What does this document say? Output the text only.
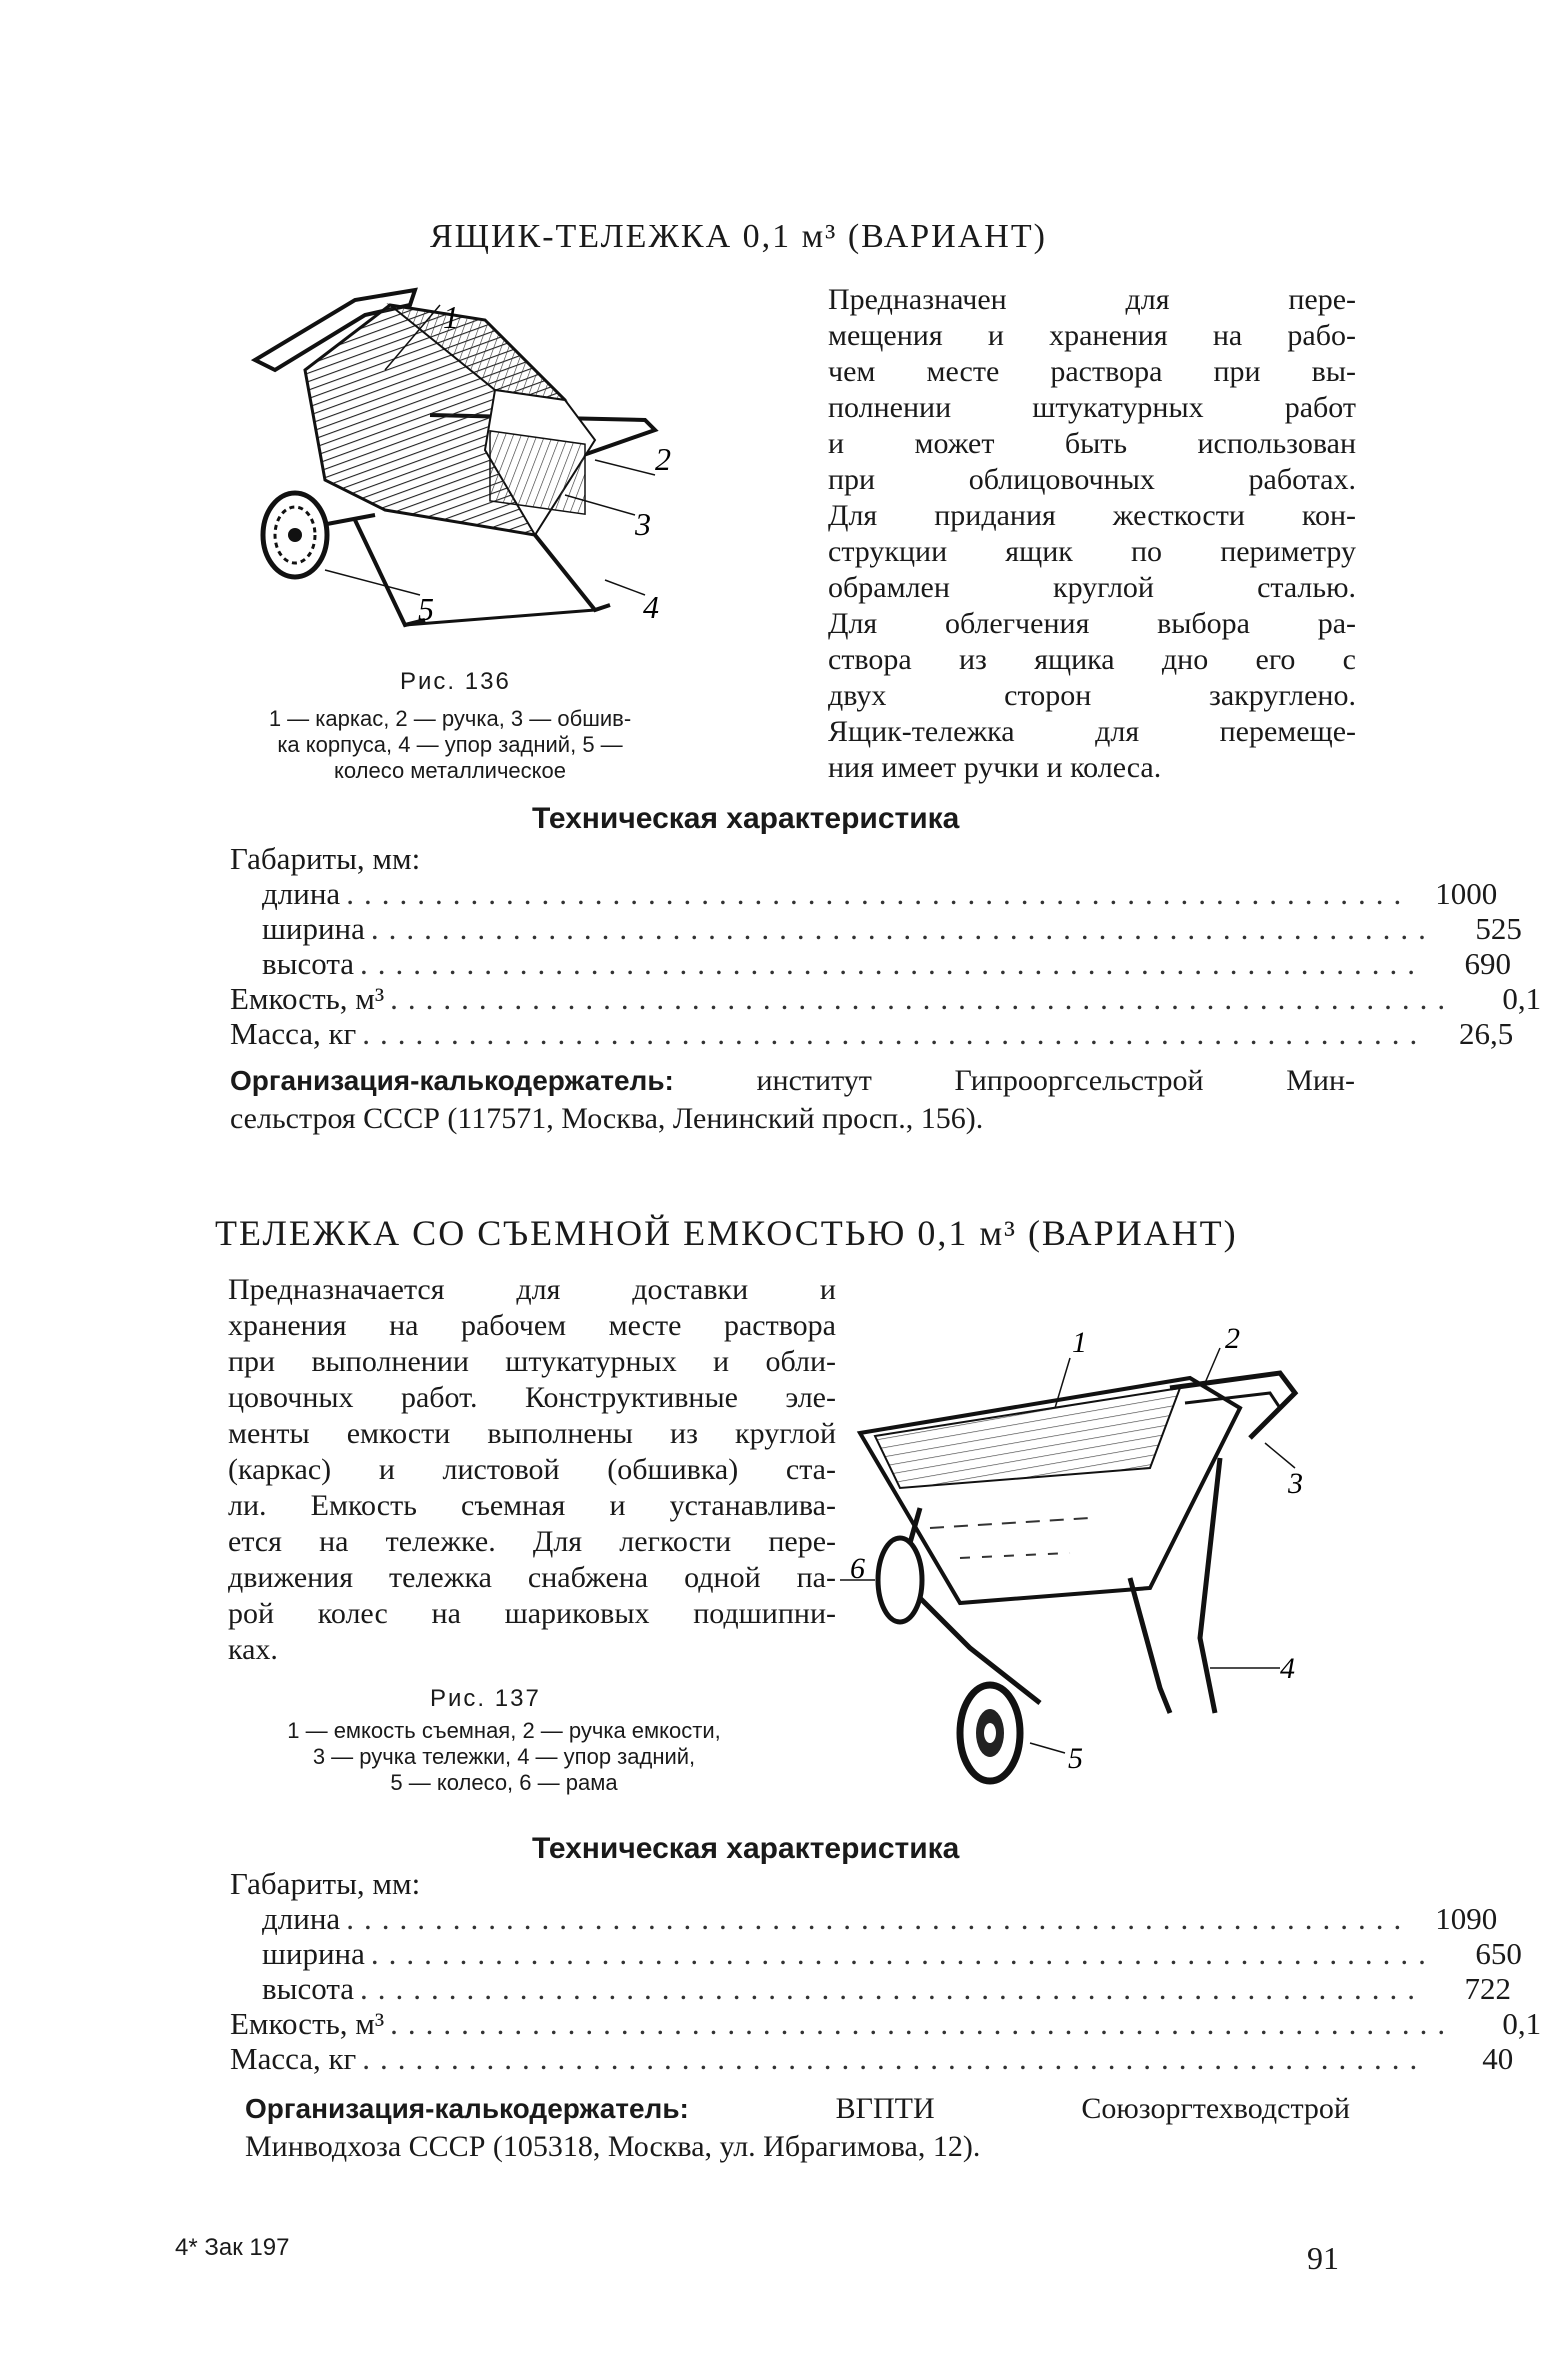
ЯЩИК-ТЕЛЕЖКА 0,1 м³ (ВАРИАНТ)
1
2
3
4
5
Рис. 136
1 — каркас, 2 — ручка, 3 — обшив-
ка корпуса, 4 — упор задний, 5 —
колесо металлическое
Предназначен для пере-
мещения и хранения на рабо-
чем месте раствора при вы-
полнении штукатурных работ
и может быть использован
при облицовочных работах.
Для придания жесткости кон-
струкции ящик по периметру
обрамлен круглой сталью.
Для облегчения выбора ра-
створа из ящика дно его с
двух сторон закруглено.
Ящик-тележка для перемеще-
ния имеет ручки и колеса.
Техническая характеристика
Габариты, мм:
длина ............................................................ 1000
ширина ............................................................	525
высота ............................................................	690
Емкость, м³ ............................................................	0,1
Масса, кг ............................................................	26,5
Организация-калькодержатель:	институт Гипрооргсельстрой Мин-
сельстроя СССР (117571, Москва, Ленинский просп., 156).
ТЕЛЕЖКА СО СЪЕМНОЙ ЕМКОСТЬЮ 0,1 м³ (ВАРИАНТ)
Предназначается для доставки и
хранения на рабочем месте раствора
при выполнении штукатурных и обли-
цовочных работ. Конструктивные эле-
менты емкости выполнены из круглой
(каркас) и листовой (обшивка) ста-
ли. Емкость съемная и устанавлива-
ется на тележке. Для легкости пере-
движения тележка снабжена одной па-
рой колес на шариковых подшипни-
ках.
1	2
3
4
5
6
Рис. 137
1 — емкость съемная, 2 — ручка емкости,
3 — ручка тележки, 4 — упор задний,
5 — колесо, 6 — рама
Техническая характеристика
Габариты, мм:
длина ............................................................ 1090
ширина ............................................................	650
высота ............................................................	722
Емкость, м³ ............................................................	0,1
Масса, кг ............................................................	40
Организация-калькодержатель:	ВГПТИ Союзоргтехводстрой
Минводхоза СССР (105318, Москва, ул. Ибрагимова, 12).
4* Зак 197	91
